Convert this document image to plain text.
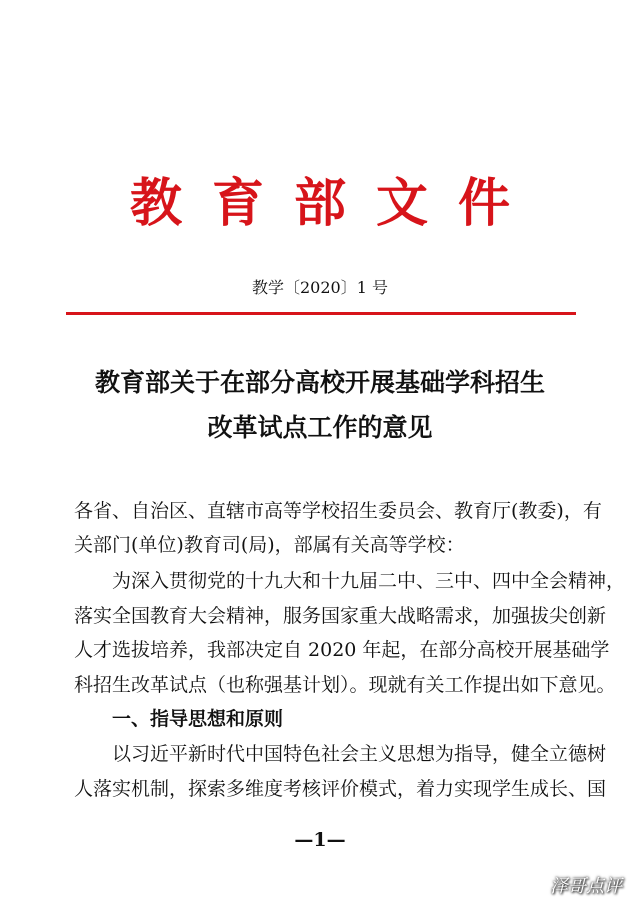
教育部文件
教学〔2020〕1 号
教育部关于在部分高校开展基础学科招生
改革试点工作的意见
各省、自治区、直辖市高等学校招生委员会、教育厅(教委)，有
关部门(单位)教育司(局)，部属有关高等学校：
为深入贯彻党的十九大和十九届二中、三中、四中全会精神，
落实全国教育大会精神，服务国家重大战略需求，加强拔尖创新
人才选拔培养，我部决定自 2020 年起，在部分高校开展基础学
科招生改革试点（也称强基计划）。现就有关工作提出如下意见。
一、指导思想和原则
以习近平新时代中国特色社会主义思想为指导，健全立德树
人落实机制，探索多维度考核评价模式，着力实现学生成长、国
—1—
泽哥点评
